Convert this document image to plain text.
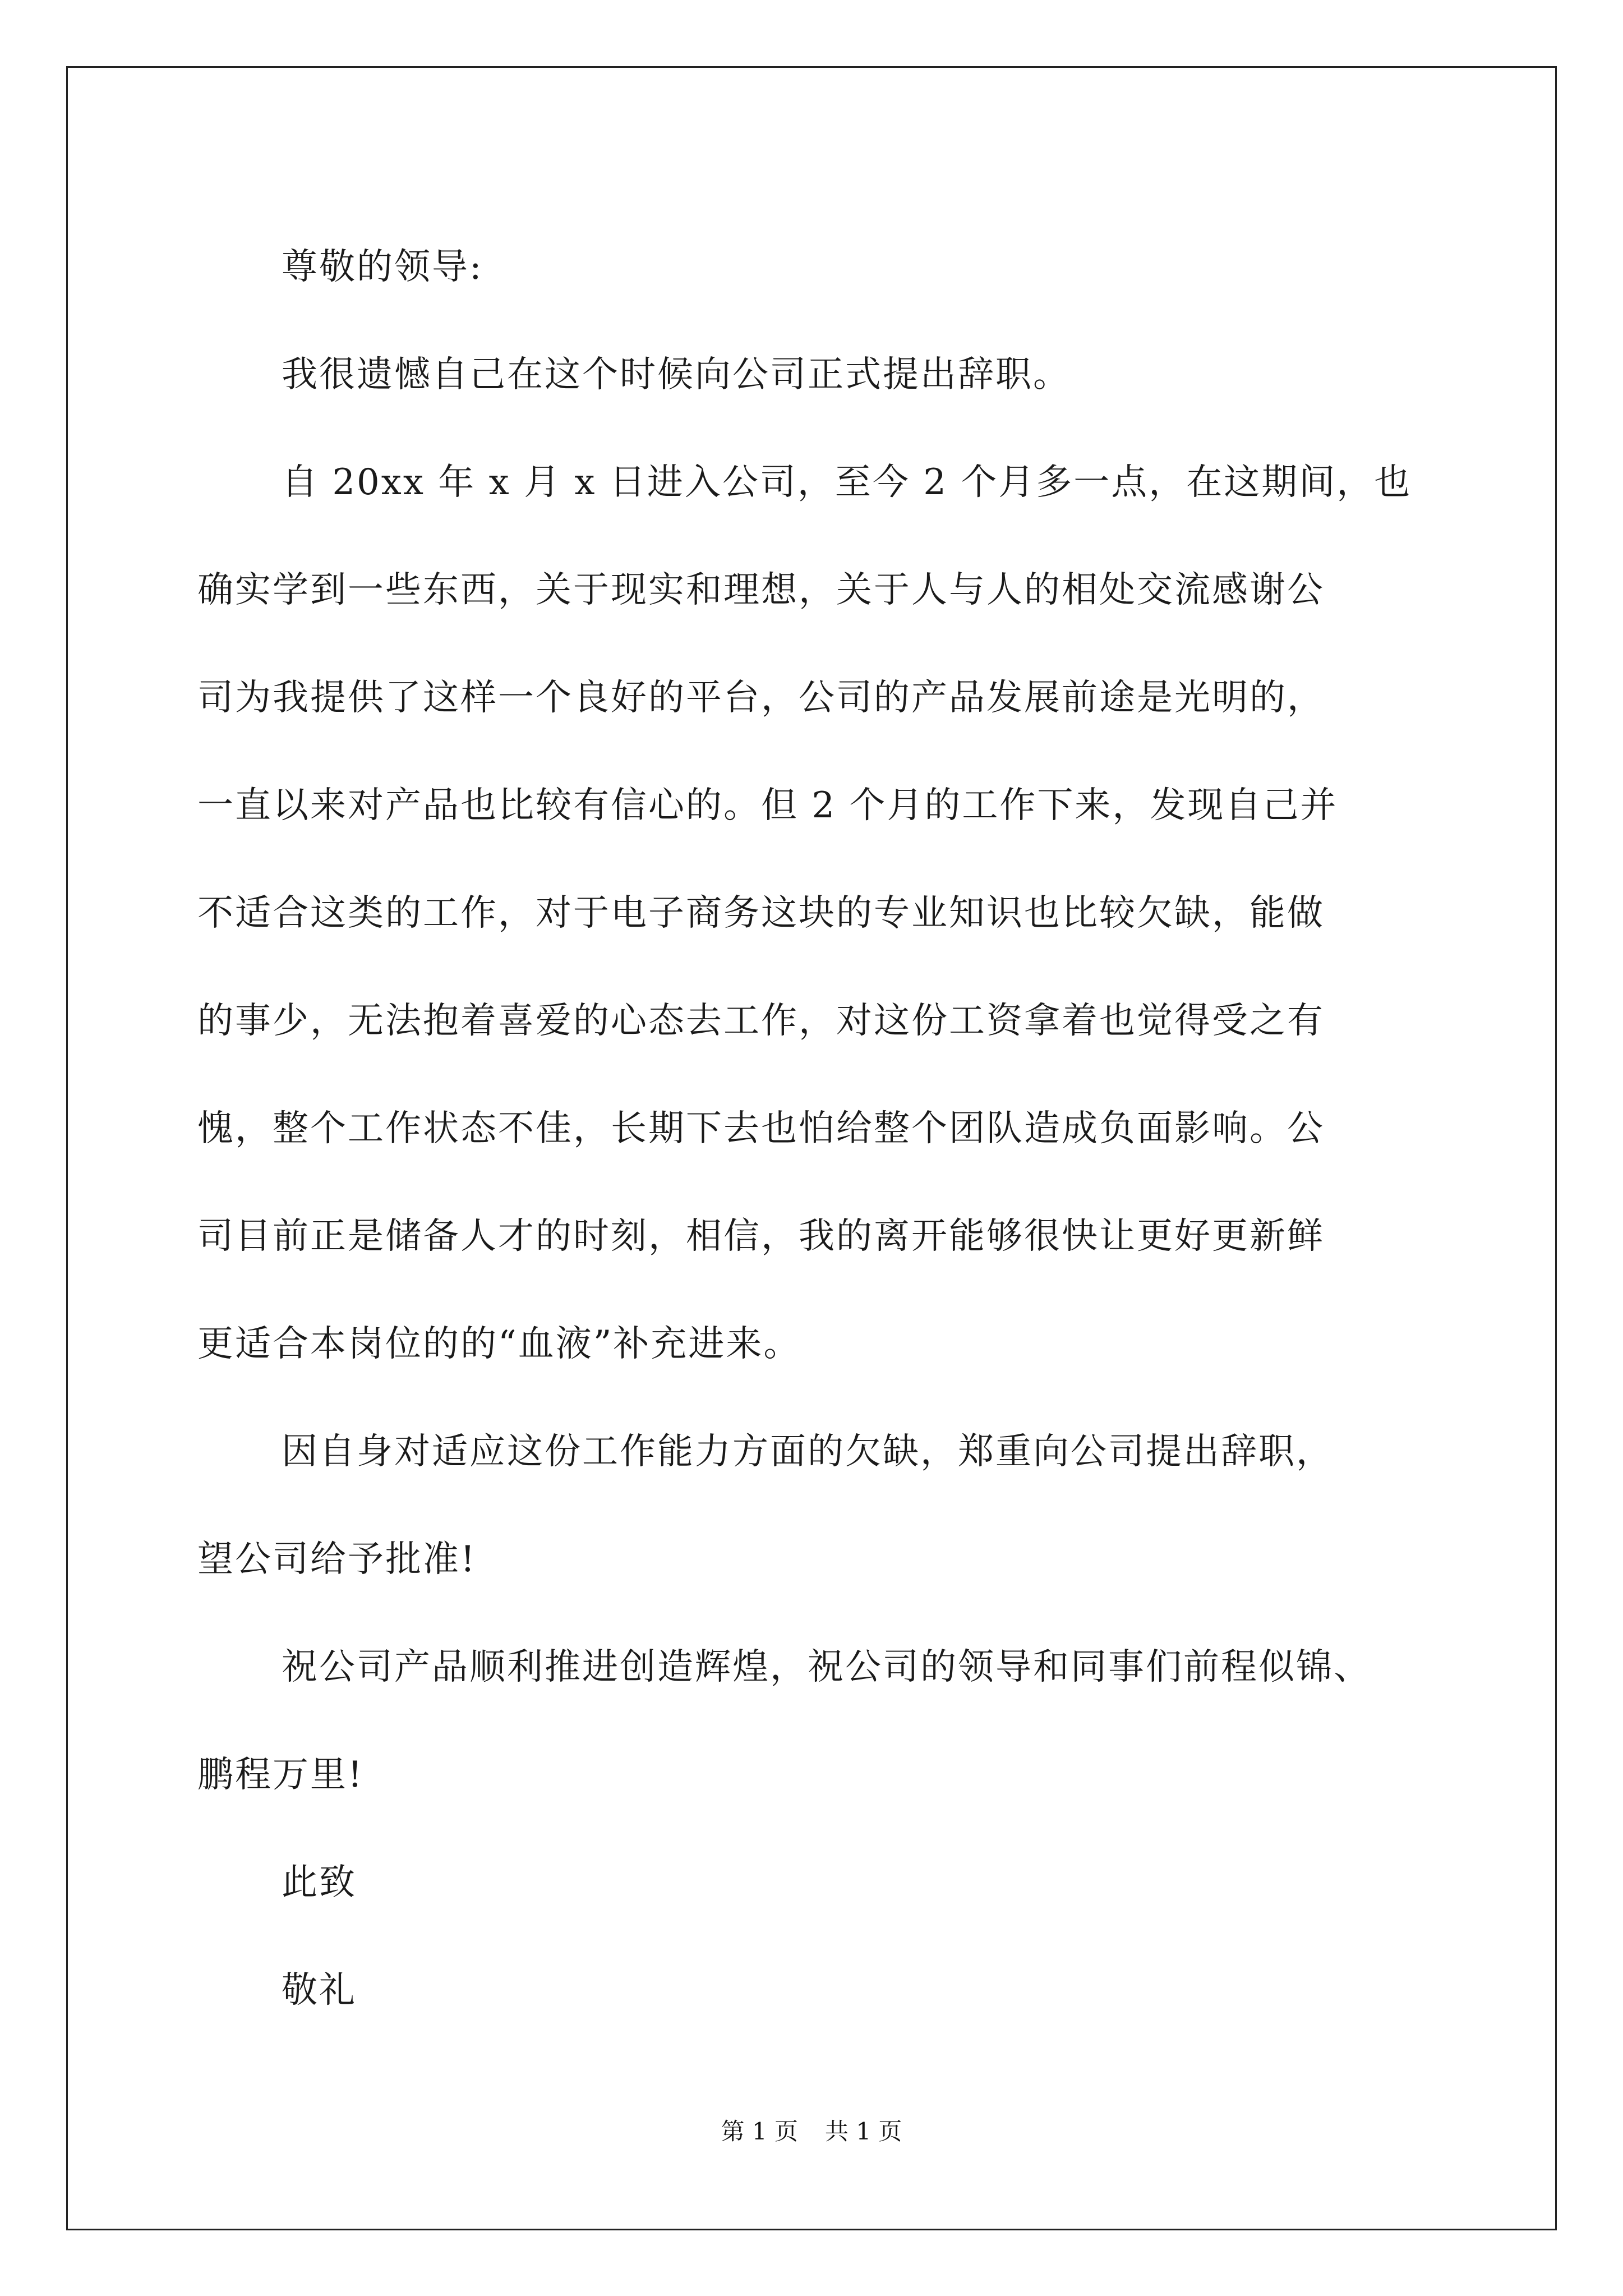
尊敬的领导:
我很遗憾自己在这个时候向公司正式提出辞职。
自 20xx 年 x 月 x 日进入公司，至今 2 个月多一点，在这期间，也
确实学到一些东西，关于现实和理想，关于人与人的相处交流感谢公
司为我提供了这样一个良好的平台，公司的产品发展前途是光明的，
一直以来对产品也比较有信心的。但 2 个月的工作下来，发现自己并
不适合这类的工作，对于电子商务这块的专业知识也比较欠缺，能做
的事少，无法抱着喜爱的心态去工作，对这份工资拿着也觉得受之有
愧，整个工作状态不佳，长期下去也怕给整个团队造成负面影响。公
司目前正是储备人才的时刻，相信，我的离开能够很快让更好更新鲜
更适合本岗位的的“血液”补充进来。
因自身对适应这份工作能力方面的欠缺，郑重向公司提出辞职，
望公司给予批准!
祝公司产品顺利推进创造辉煌，祝公司的领导和同事们前程似锦、
鹏程万里!
此致
敬礼
第 1 页 共 1 页
